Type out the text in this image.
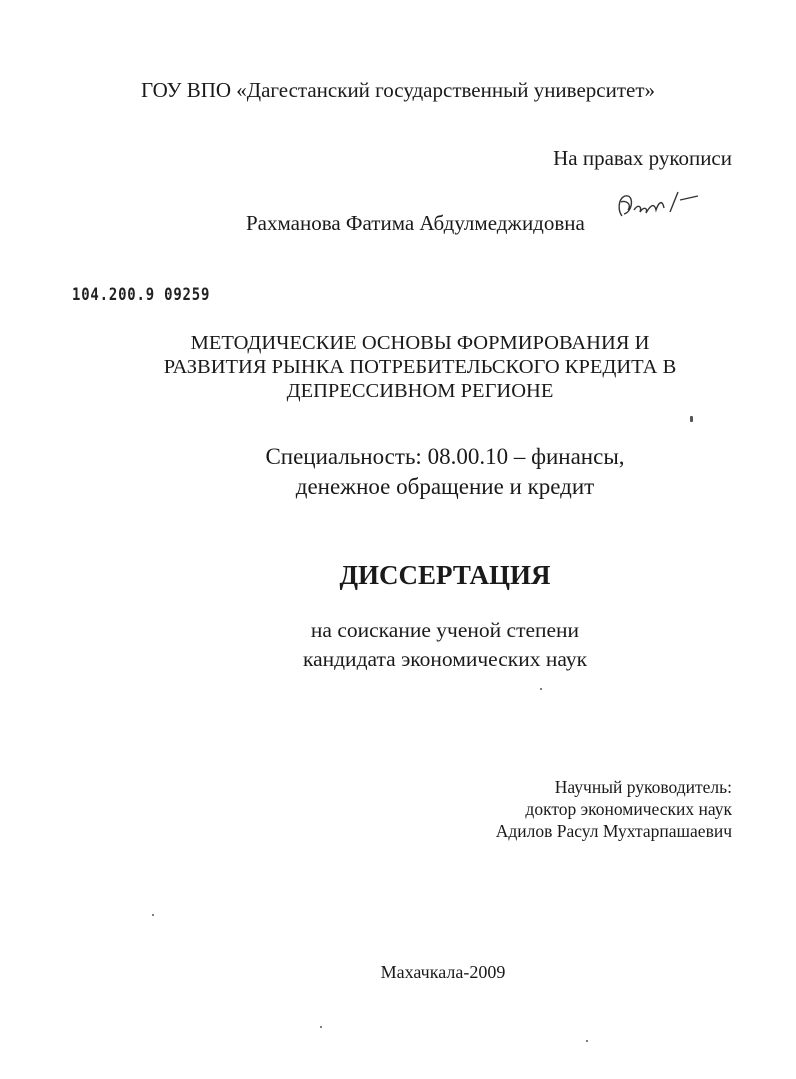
ГОУ ВПО «Дагестанский государственный университет»
На правах рукописи
Рахманова Фатима Абдулмеджидовна
104.200.9 09259
МЕТОДИЧЕСКИЕ ОСНОВЫ ФОРМИРОВАНИЯ И
РАЗВИТИЯ РЫНКА ПОТРЕБИТЕЛЬСКОГО КРЕДИТА В
ДЕПРЕССИВНОМ РЕГИОНЕ
Специальность: 08.00.10 – финансы,
денежное обращение и кредит
ДИССЕРТАЦИЯ
на соискание ученой степени
кандидата экономических наук
Научный руководитель:
доктор экономических наук
Адилов Расул Мухтарпашаевич
Махачкала-2009
